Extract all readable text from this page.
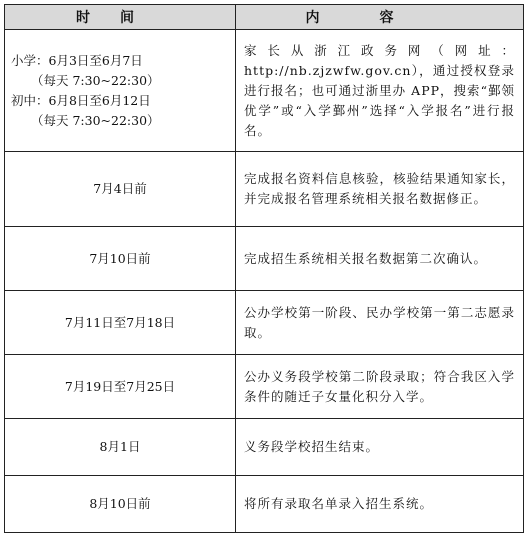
时间	内容

小学：6月3日至6月7日
（每天 7:30~22:30）
初中：6月8日至6月12日
（每天 7:30~22:30）	家长从浙江政务网（网址：http://nb.zjzwfw.gov.cn），通过授权登录进行报名；也可通过浙里办 APP，搜索“鄞领优学”或“入学鄞州”选择“入学报名”进行报名。
7月4日前	完成报名资料信息核验，核验结果通知家长，并完成报名管理系统相关报名数据修正。
7月10日前	完成招生系统相关报名数据第二次确认。
7月11日至7月18日	公办学校第一阶段、民办学校第一第二志愿录取。
7月19日至7月25日	公办义务段学校第二阶段录取；符合我区入学条件的随迁子女量化积分入学。
8月1日	义务段学校招生结束。
8月10日前	将所有录取名单录入招生系统。
